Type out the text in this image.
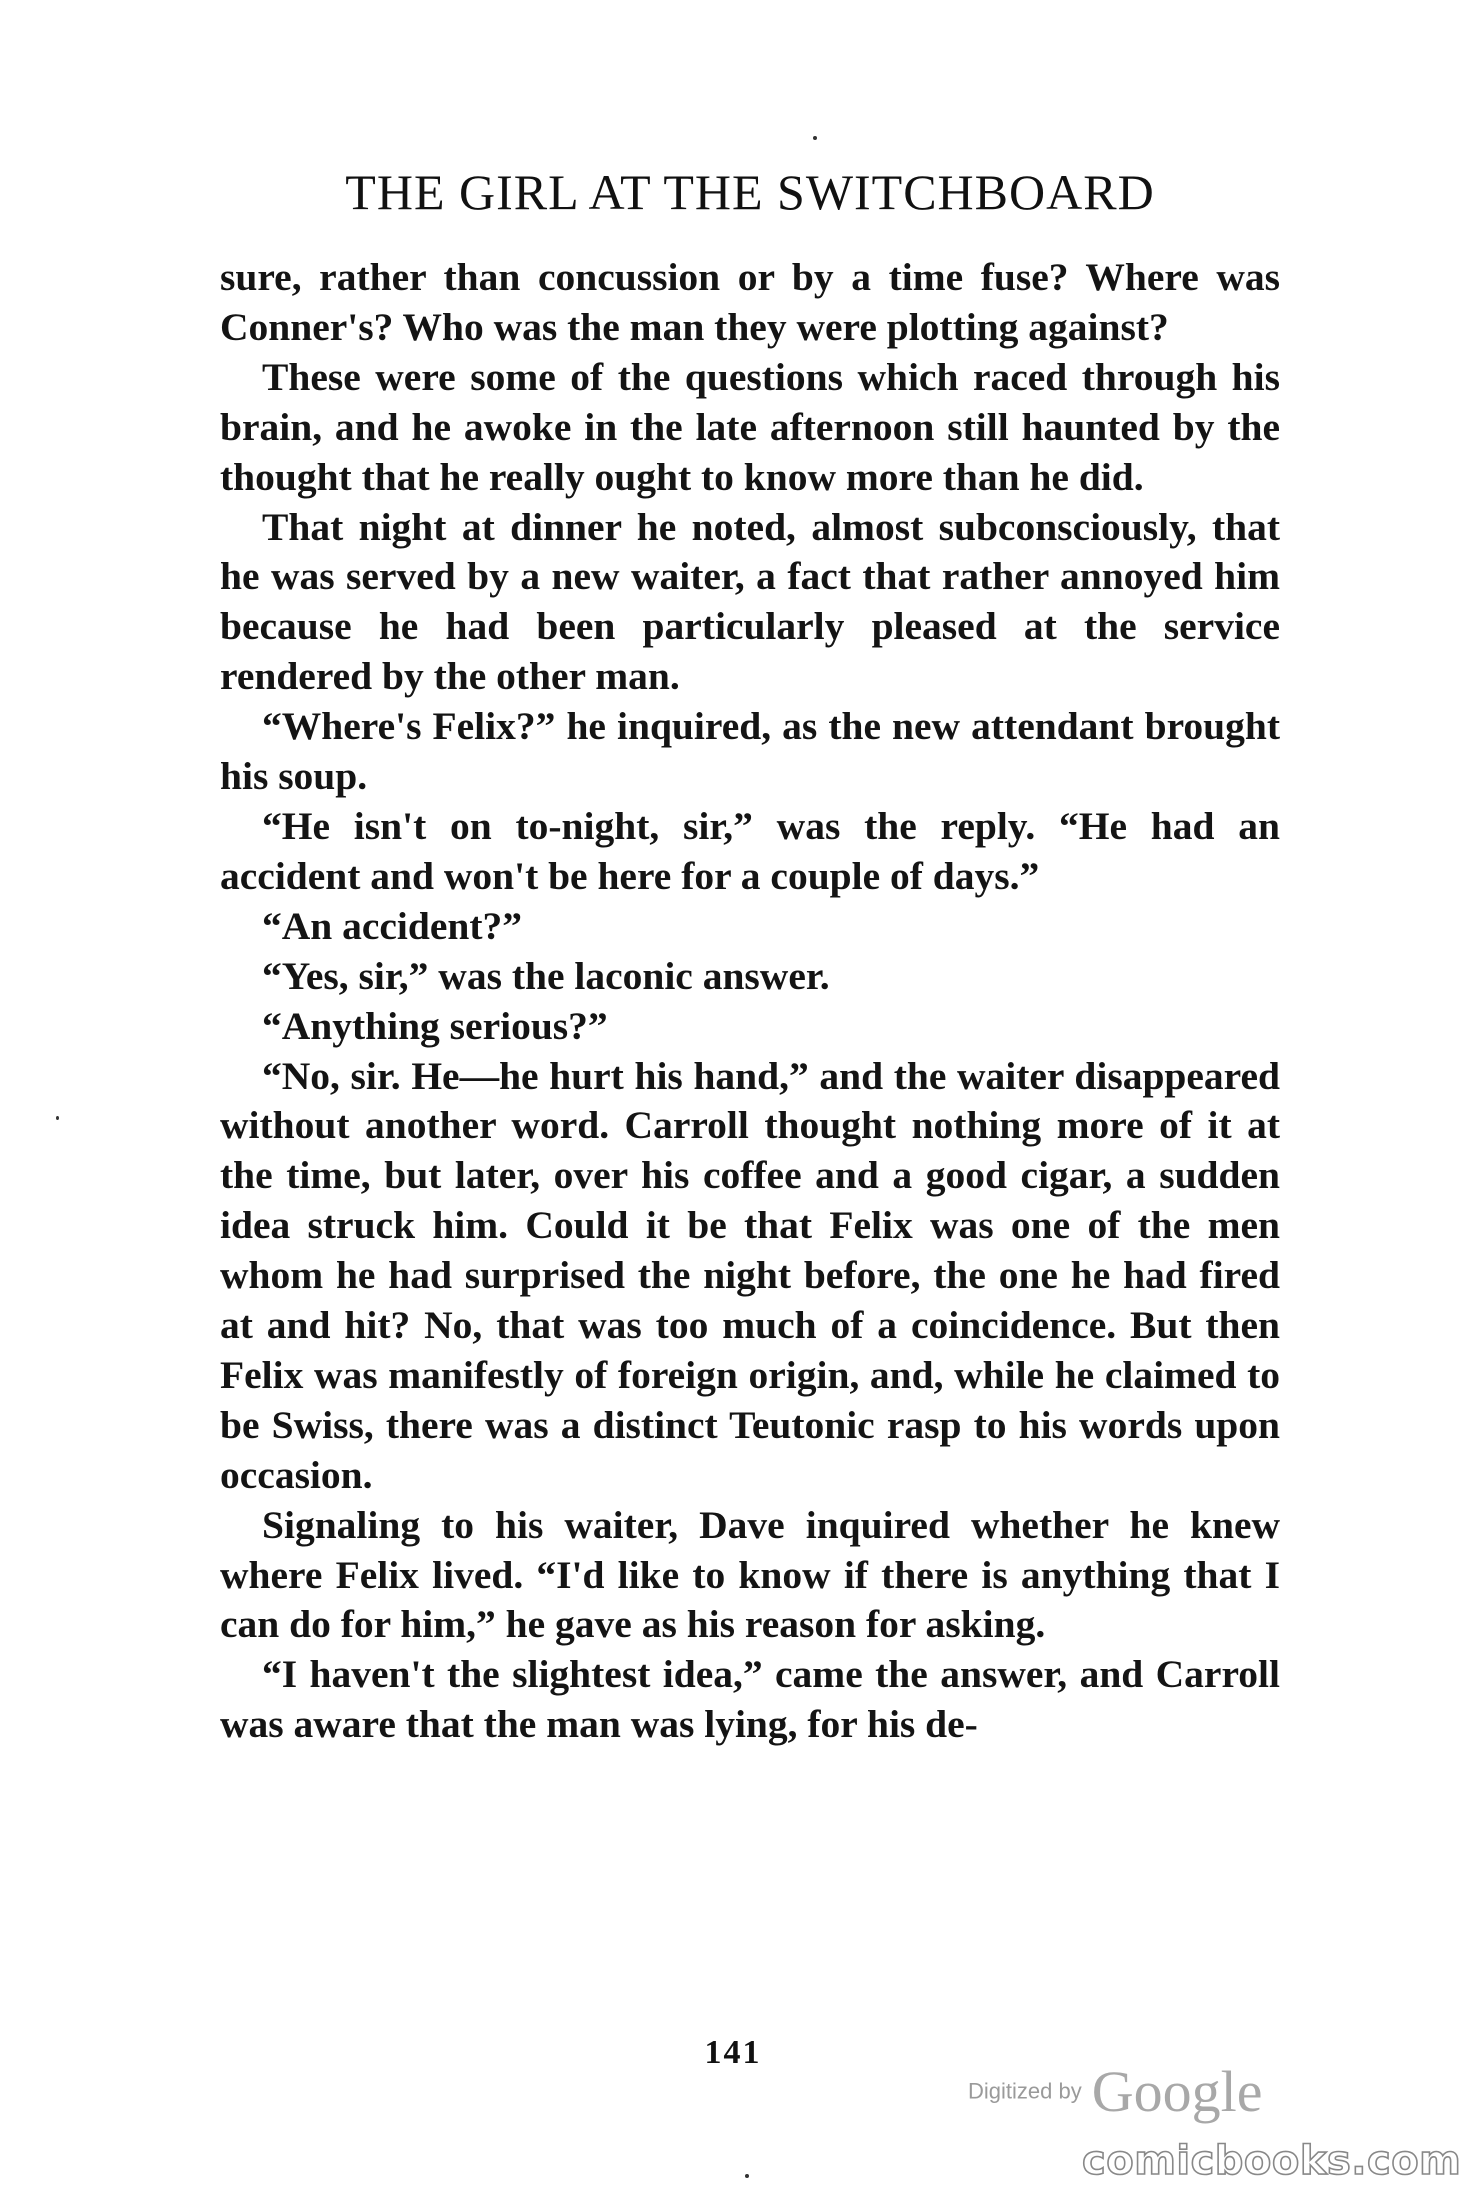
THE GIRL AT THE SWITCHBOARD

sure, rather than concussion or by a time fuse? Where was Conner's? Who was the man they were plotting against?

These were some of the questions which raced through his brain, and he awoke in the late afternoon still haunted by the thought that he really ought to know more than he did.

That night at dinner he noted, almost subconsciously, that he was served by a new waiter, a fact that rather annoyed him because he had been particularly pleased at the service rendered by the other man.

“Where's Felix?” he inquired, as the new attendant brought his soup.

“He isn't on to-night, sir,” was the reply. “He had an accident and won't be here for a couple of days.”

“An accident?”

“Yes, sir,” was the laconic answer.

“Anything serious?”

“No, sir. He—he hurt his hand,” and the waiter disappeared without another word. Carroll thought nothing more of it at the time, but later, over his coffee and a good cigar, a sudden idea struck him. Could it be that Felix was one of the men whom he had surprised the night before, the one he had fired at and hit? No, that was too much of a coincidence. But then Felix was manifestly of foreign origin, and, while he claimed to be Swiss, there was a distinct Teutonic rasp to his words upon occasion.

Signaling to his waiter, Dave inquired whether he knew where Felix lived. “I'd like to know if there is anything that I can do for him,” he gave as his reason for asking.

“I haven't the slightest idea,” came the answer, and Carroll was aware that the man was lying, for his de-

141
Digitized by Google
comicbooks.com
